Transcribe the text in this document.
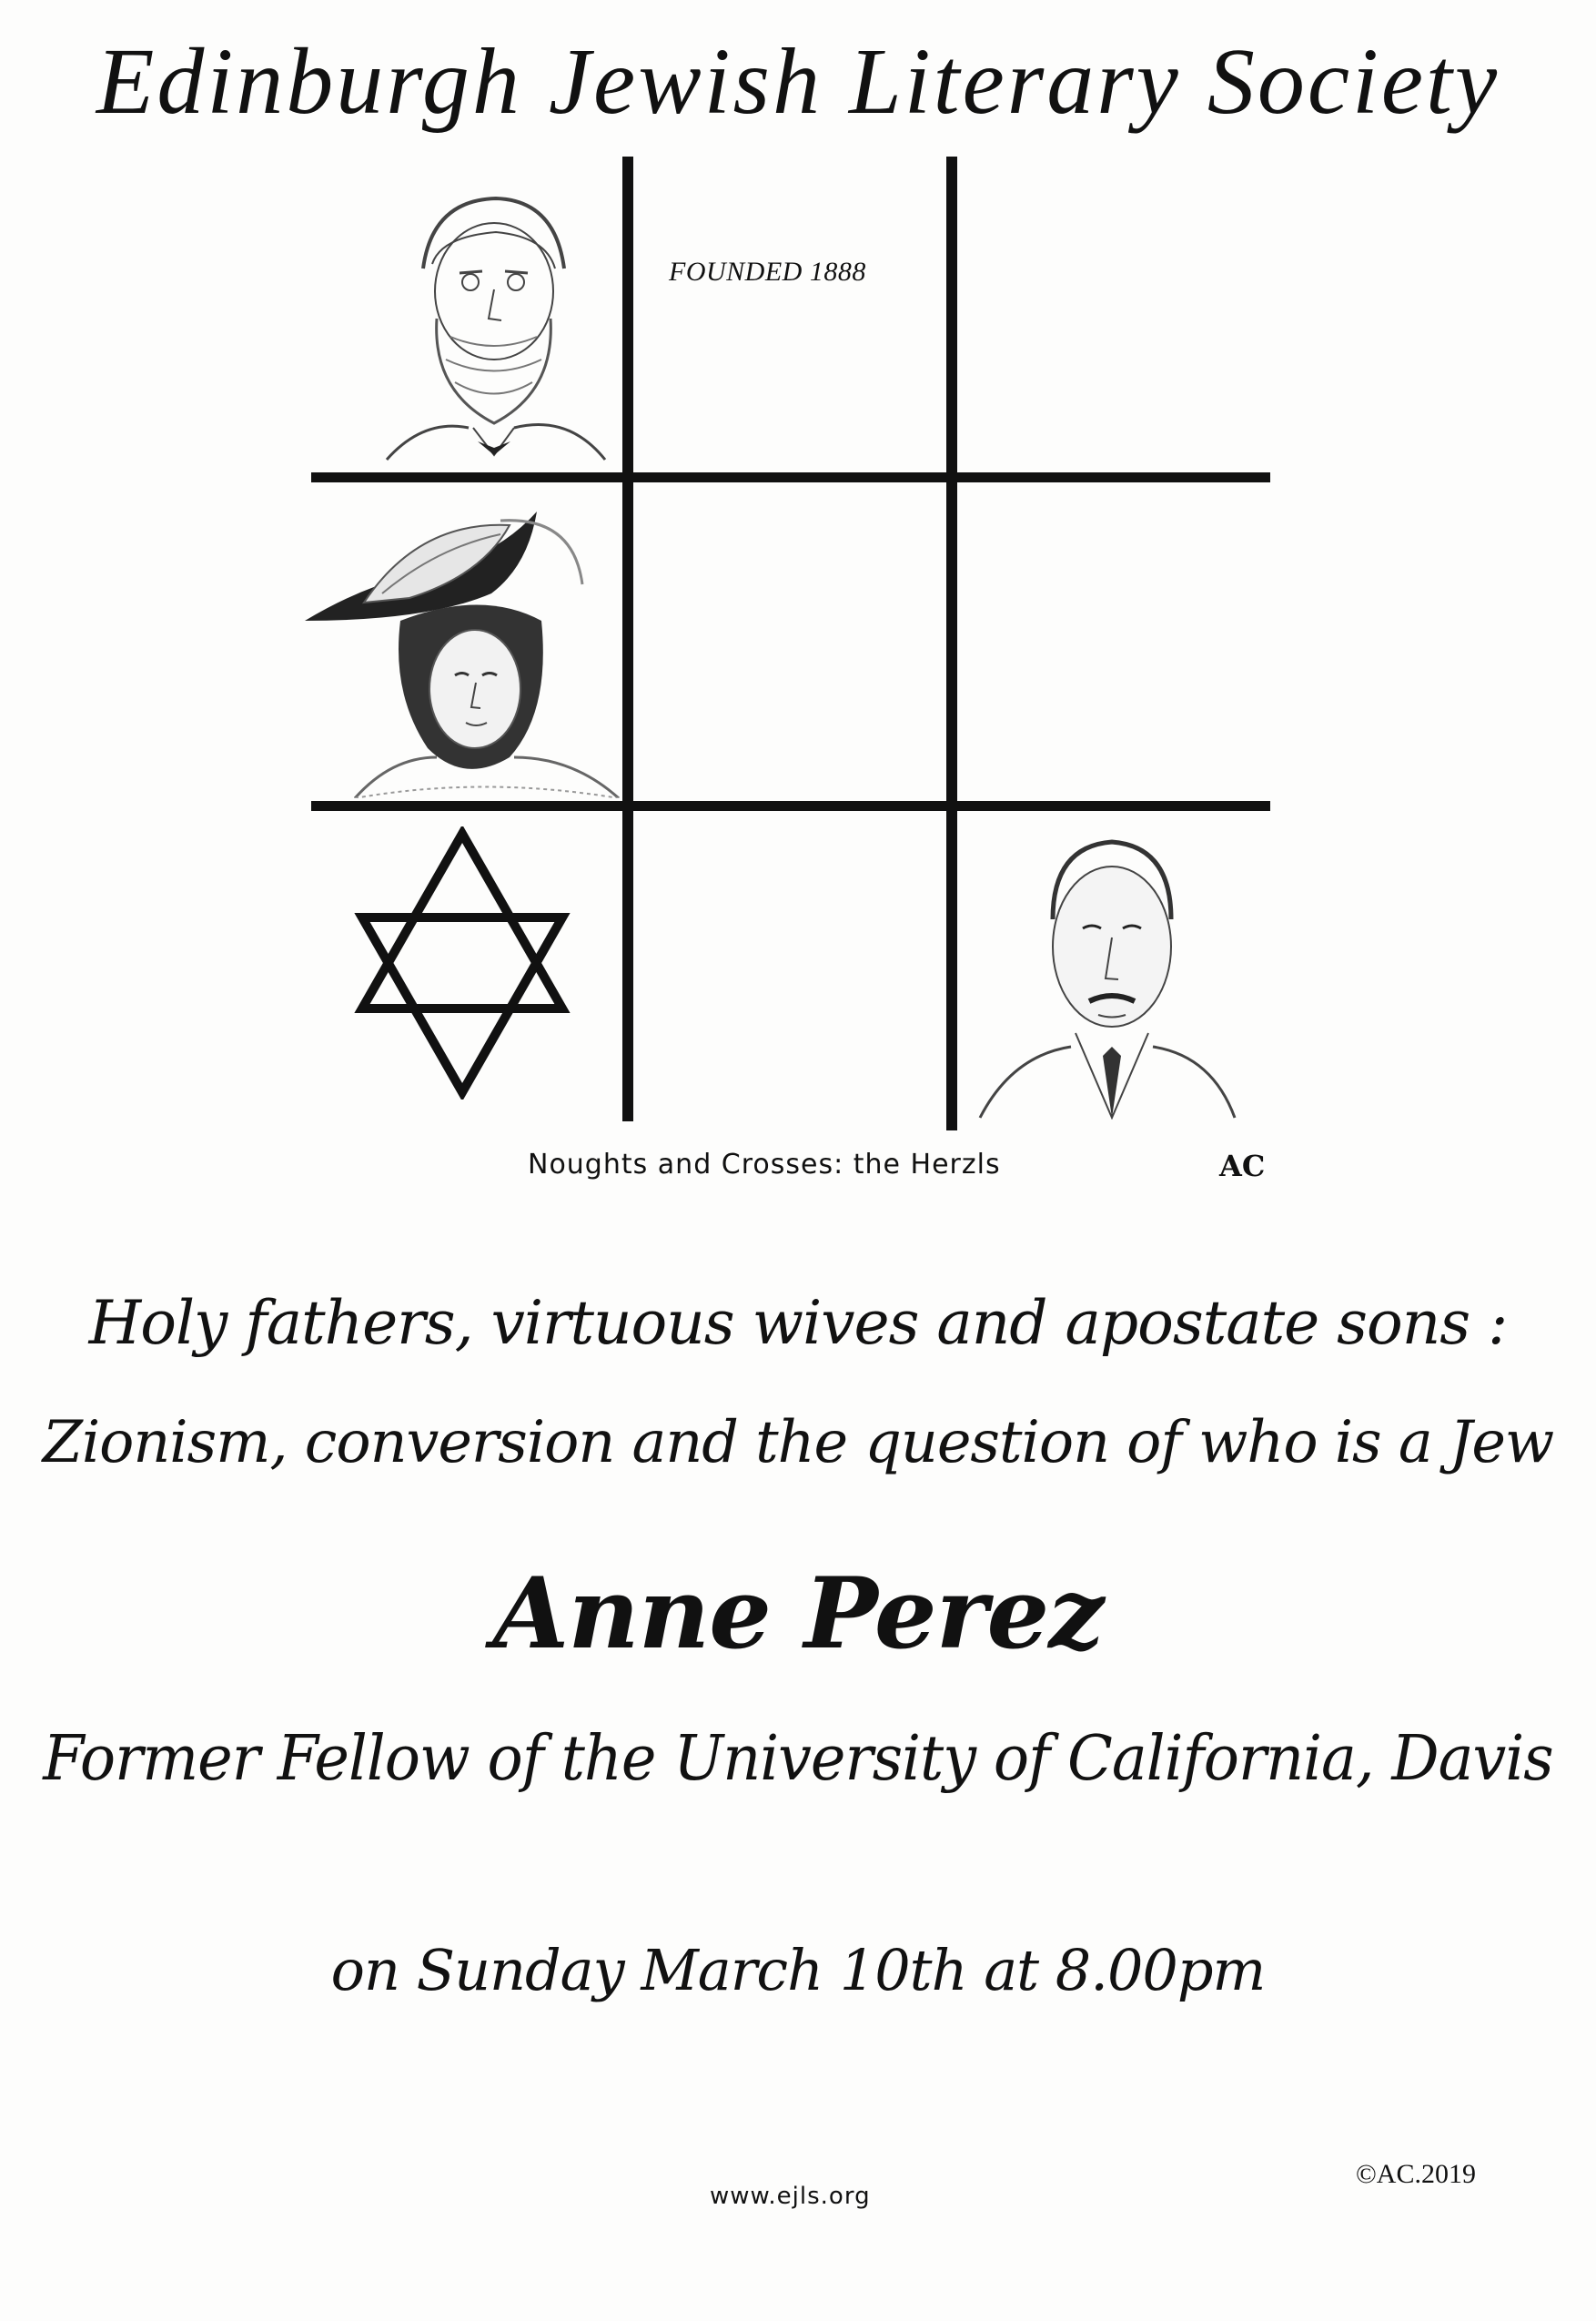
Edinburgh Jewish Literary Society
FOUNDED 1888
Noughts and Crosses: the Herzls	AC
Holy fathers, virtuous wives and apostate sons :
Zionism, conversion and the question of who is a Jew
Anne Perez
Former Fellow of the University of California, Davis
on Sunday March 10th at 8.00pm
www.ejls.org
©AC.2019
